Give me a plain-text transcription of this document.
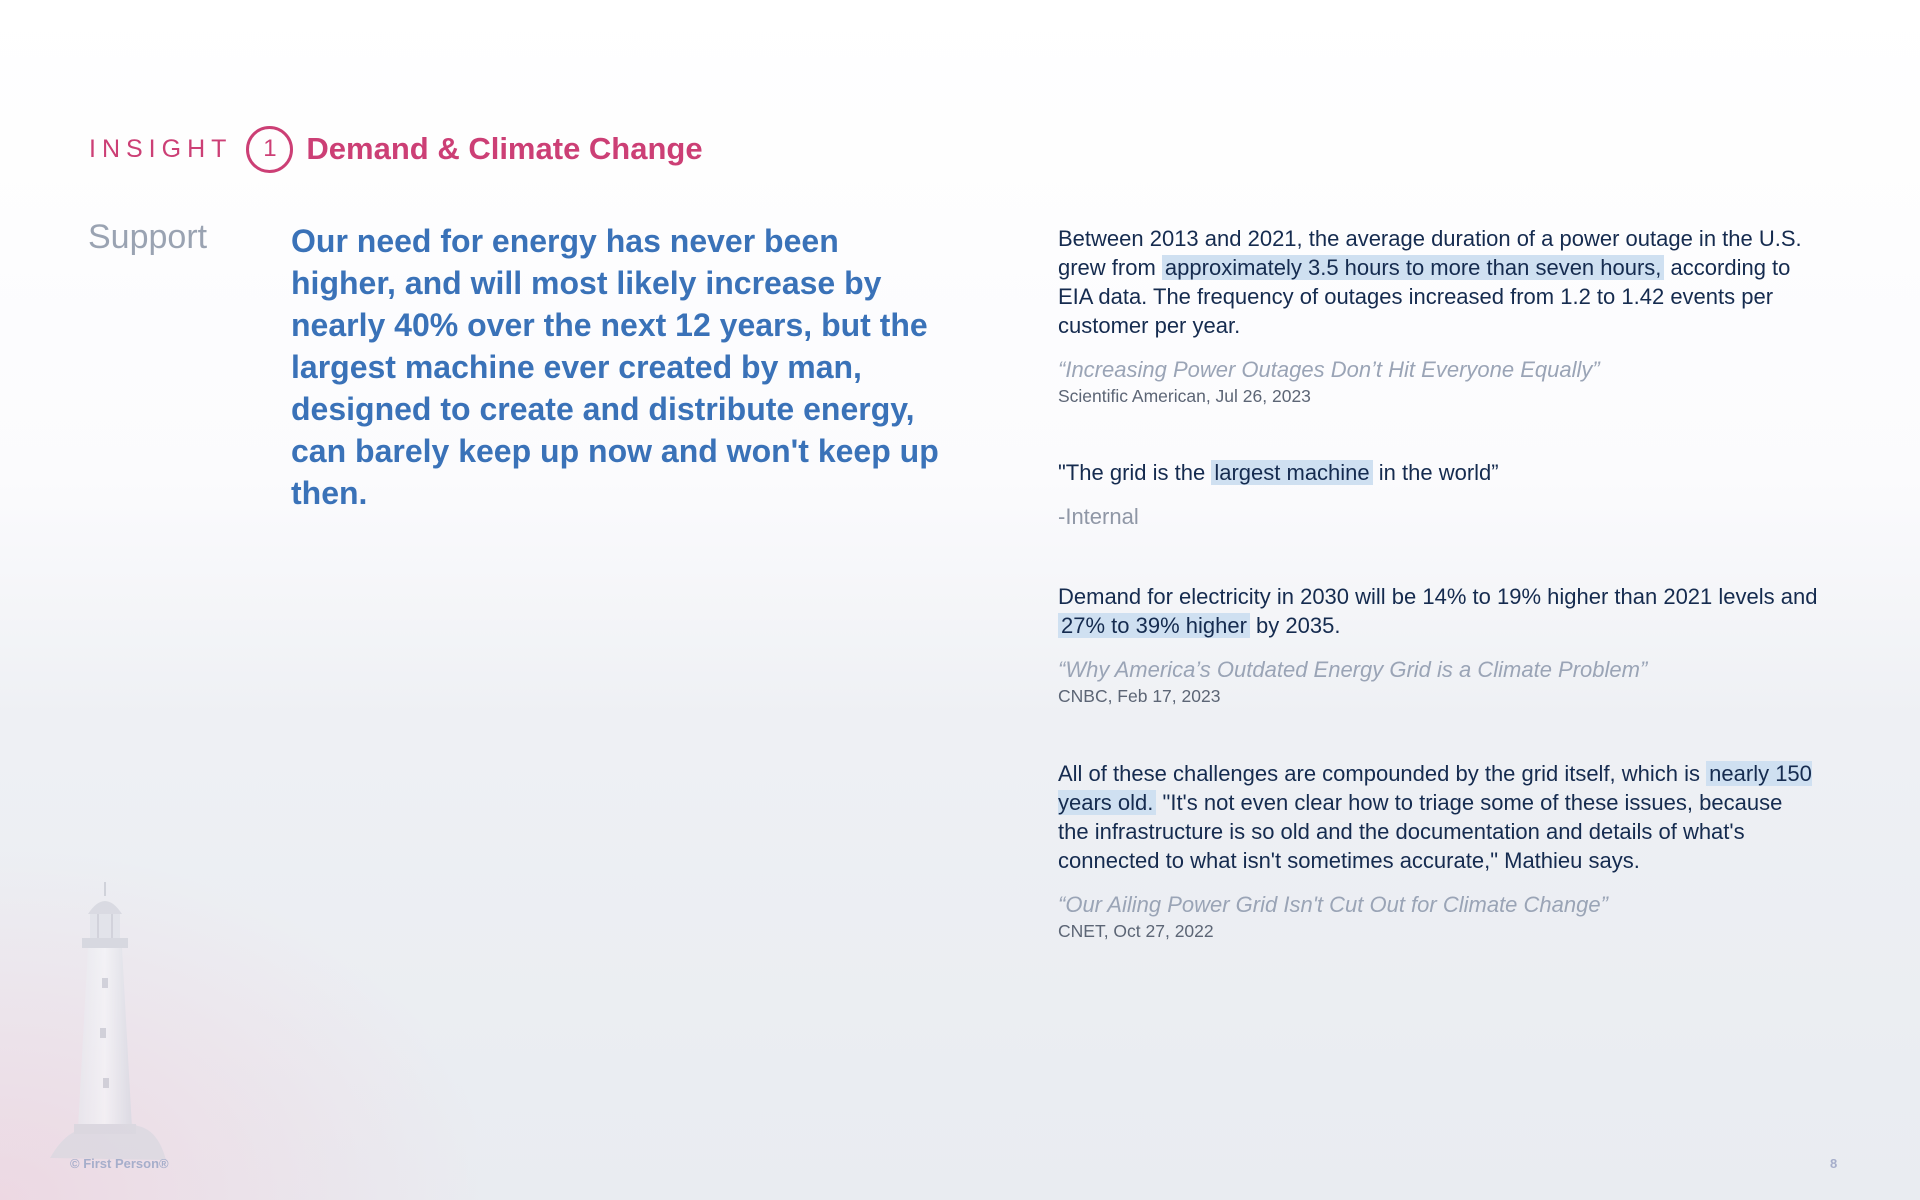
INSIGHT	1 Demand & Climate Change
Support	Our need for energy has never been higher, and will most likely increase by nearly 40% over the next 12 years, but the largest machine ever created by man, designed to create and distribute energy, can barely keep up now and won't keep up then.

Between 2013 and 2021, the average duration of a power outage in the U.S. grew from approximately 3.5 hours to more than seven hours, according to EIA data. The frequency of outages increased from 1.2 to 1.42 events per customer per year.

“Increasing Power Outages Don’t Hit Everyone Equally”
Scientific American, Jul 26, 2023

"The grid is the largest machine in the world”

-Internal

Demand for electricity in 2030 will be 14% to 19% higher than 2021 levels and 27% to 39% higher by 2035.

“Why America’s Outdated Energy Grid is a Climate Problem”
CNBC, Feb 17, 2023

All of these challenges are compounded by the grid itself, which is nearly 150 years old. "It's not even clear how to triage some of these issues, because the infrastructure is so old and the documentation and details of what's connected to what isn't sometimes accurate," Mathieu says.

“Our Ailing Power Grid Isn't Cut Out for Climate Change”
CNET, Oct 27, 2022
© First Person®	8
